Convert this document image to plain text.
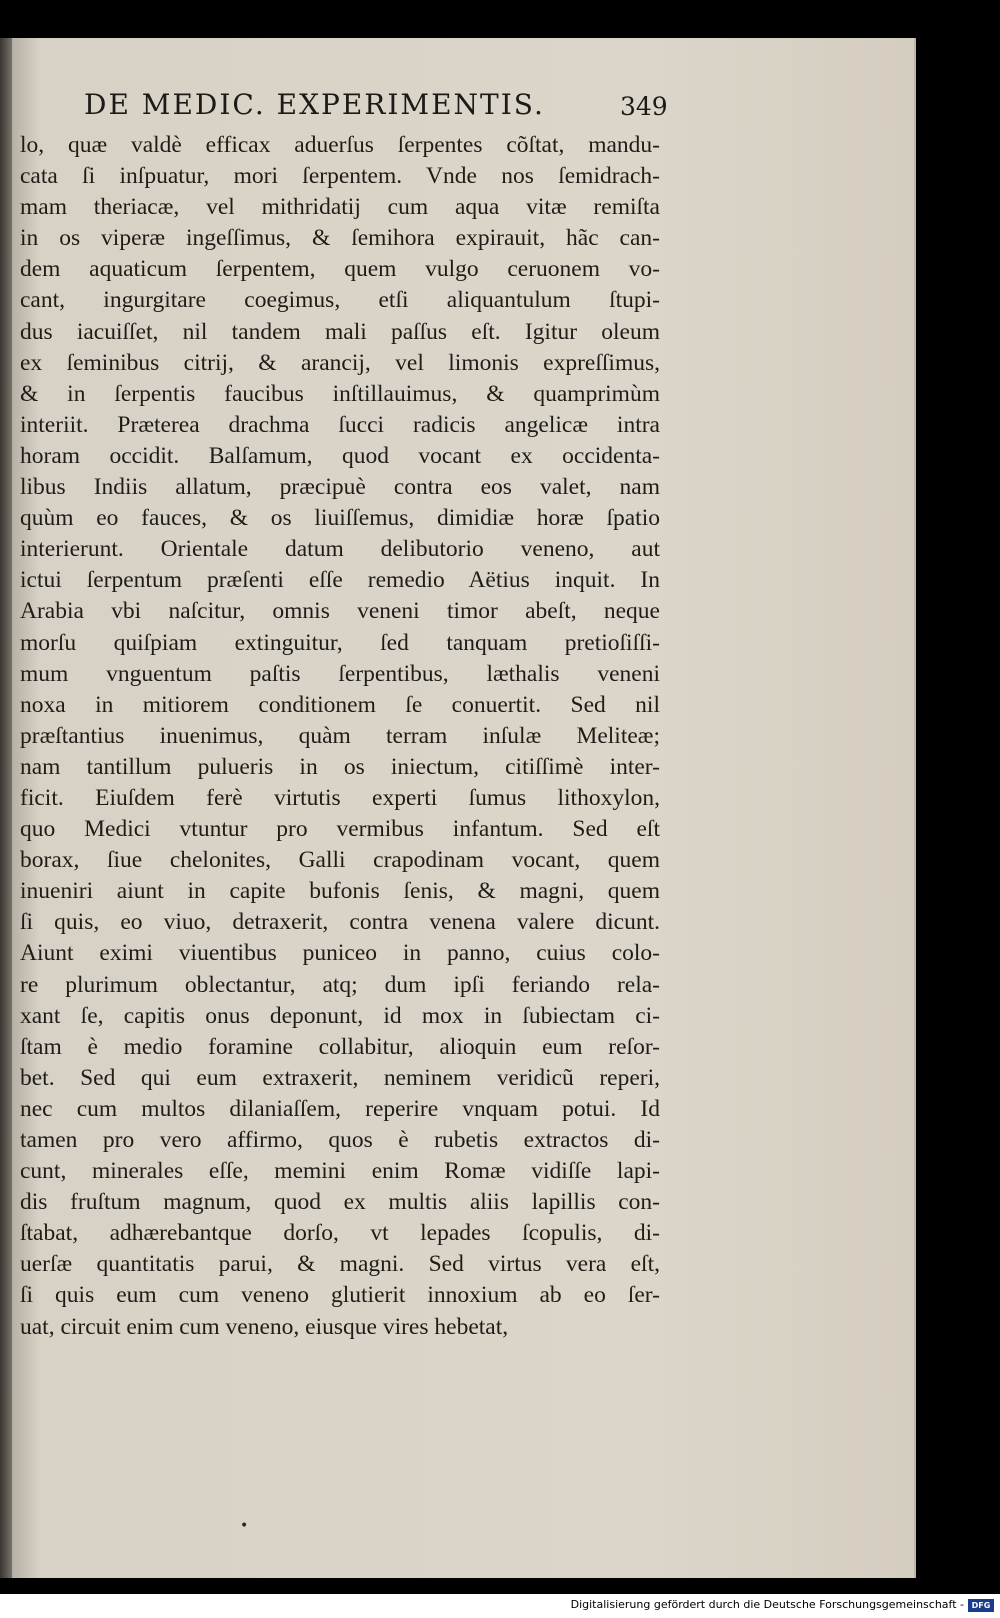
DE MEDIC. EXPERIMENTIS.	349
lo, quæ valdè efficax aduerſus ſerpentes cõſtat, mandu-
cata ſi inſpuatur, mori ſerpentem. Vnde nos ſemidrach-
mam theriacæ, vel mithridatij cum aqua vitæ remiſta
in os viperæ ingeſſimus, & ſemihora expirauit, hãc can-
dem aquaticum ſerpentem, quem vulgo ceruonem vo-
cant, ingurgitare coegimus, etſi aliquantulum ſtupi-
dus iacuiſſet, nil tandem mali paſſus eſt. Igitur oleum
ex ſeminibus citrij, & arancij, vel limonis expreſſimus,
& in ſerpentis faucibus inſtillauimus, & quamprimùm
interiit. Præterea drachma ſucci radicis angelicæ intra
horam occidit. Balſamum, quod vocant ex occidenta-
libus Indiis allatum, præcipuè contra eos valet, nam
quùm eo fauces, & os liuiſſemus, dimidiæ horæ ſpatio
interierunt. Orientale datum delibutorio veneno, aut
ictui ſerpentum præſenti eſſe remedio Aëtius inquit. In
Arabia vbi naſcitur, omnis veneni timor abeſt, neque
morſu quiſpiam extinguitur, ſed tanquam pretioſiſſi-
mum vnguentum paſtis ſerpentibus, læthalis veneni
noxa in mitiorem conditionem ſe conuertit. Sed nil
præſtantius inuenimus, quàm terram inſulæ Meliteæ;
nam tantillum pulueris in os iniectum, citiſſimè inter-
ficit. Eiuſdem ferè virtutis experti ſumus lithoxylon,
quo Medici vtuntur pro vermibus infantum. Sed eſt
borax, ſiue chelonites, Galli crapodinam vocant, quem
inueniri aiunt in capite bufonis ſenis, & magni, quem
ſi quis, eo viuo, detraxerit, contra venena valere dicunt.
Aiunt eximi viuentibus puniceo in panno, cuius colo-
re plurimum oblectantur, atq; dum ipſi feriando rela-
xant ſe, capitis onus deponunt, id mox in ſubiectam ci-
ſtam è medio foramine collabitur, alioquin eum reſor-
bet. Sed qui eum extraxerit, neminem veridicũ reperi,
nec cum multos dilaniaſſem, reperire vnquam potui. Id
tamen pro vero affirmo, quos è rubetis extractos di-
cunt, minerales eſſe, memini enim Romæ vidiſſe lapi-
dis fruſtum magnum, quod ex multis aliis lapillis con-
ſtabat, adhærebantque dorſo, vt lepades ſcopulis, di-
uerſæ quantitatis parui, & magni. Sed virtus vera eſt,
ſi quis eum cum veneno glutierit innoxium ab eo ſer-
uat, circuit enim cum veneno, eiusque vires hebetat,
•
Digitalisierung gefördert durch die Deutsche Forschungsgemeinschaft - DFG
